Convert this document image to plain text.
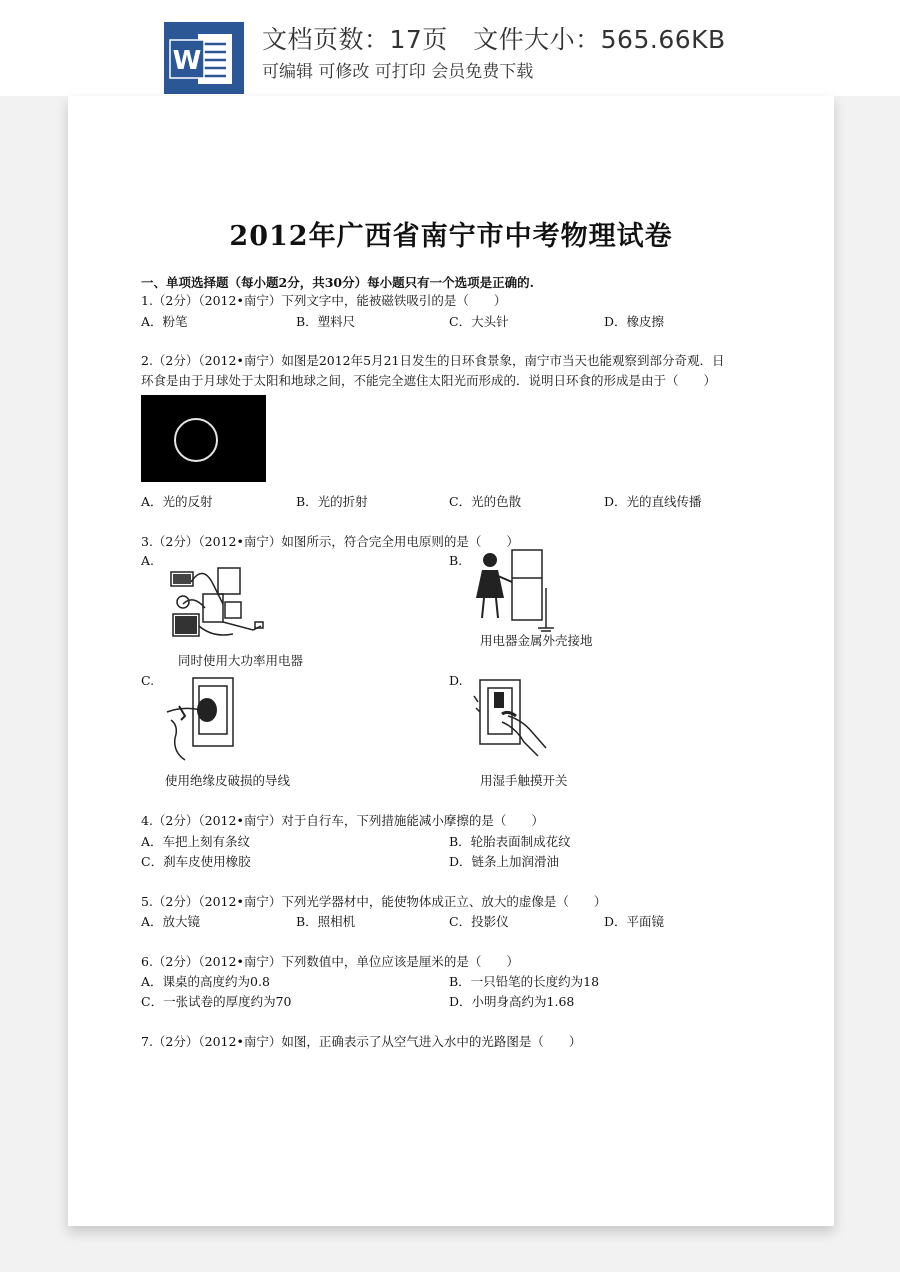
W
文档页数：17页   文件大小：565.66KB
可编辑 可修改 可打印 会员免费下载
2012年广西省南宁市中考物理试卷
一、单项选择题（每小题2分，共30分）每小题只有一个选项是正确的.
1.（2分）（2012•南宁）下列文字中，能被磁铁吸引的是（　　）
A．粉笔	B．塑料尺	C．大头针	D．橡皮擦
2.（2分）（2012•南宁）如图是2012年5月21日发生的日环食景象，南宁市当天也能观察到部分奇观．日
环食是由于月球处于太阳和地球之间，不能完全遮住太阳光而形成的．说明日环食的形成是由于（　　）
A．光的反射	B．光的折射	C．光的色散	D．光的直线传播
3.（2分）（2012•南宁）如图所示，符合完全用电原则的是（　　）
A.	B.
同时使用大功率用电器
用电器金属外壳接地
C.	D.
使用绝缘皮破损的导线	用湿手触摸开关
4.（2分）（2012•南宁）对于自行车，下列措施能减小摩擦的是（　　）
A．车把上刻有条纹	B．轮胎表面制成花纹
C．刹车皮使用橡胶	D．链条上加润滑油
5.（2分）（2012•南宁）下列光学器材中，能使物体成正立、放大的虚像是（　　）
A．放大镜	B．照相机	C．投影仪	D．平面镜
6.（2分）（2012•南宁）下列数值中，单位应该是厘米的是（　　）
A．课桌的高度约为0.8	B．一只铅笔的长度约为18
C．一张试卷的厚度约为70	D．小明身高约为1.68
7.（2分）（2012•南宁）如图，正确表示了从空气进入水中的光路图是（　　）
